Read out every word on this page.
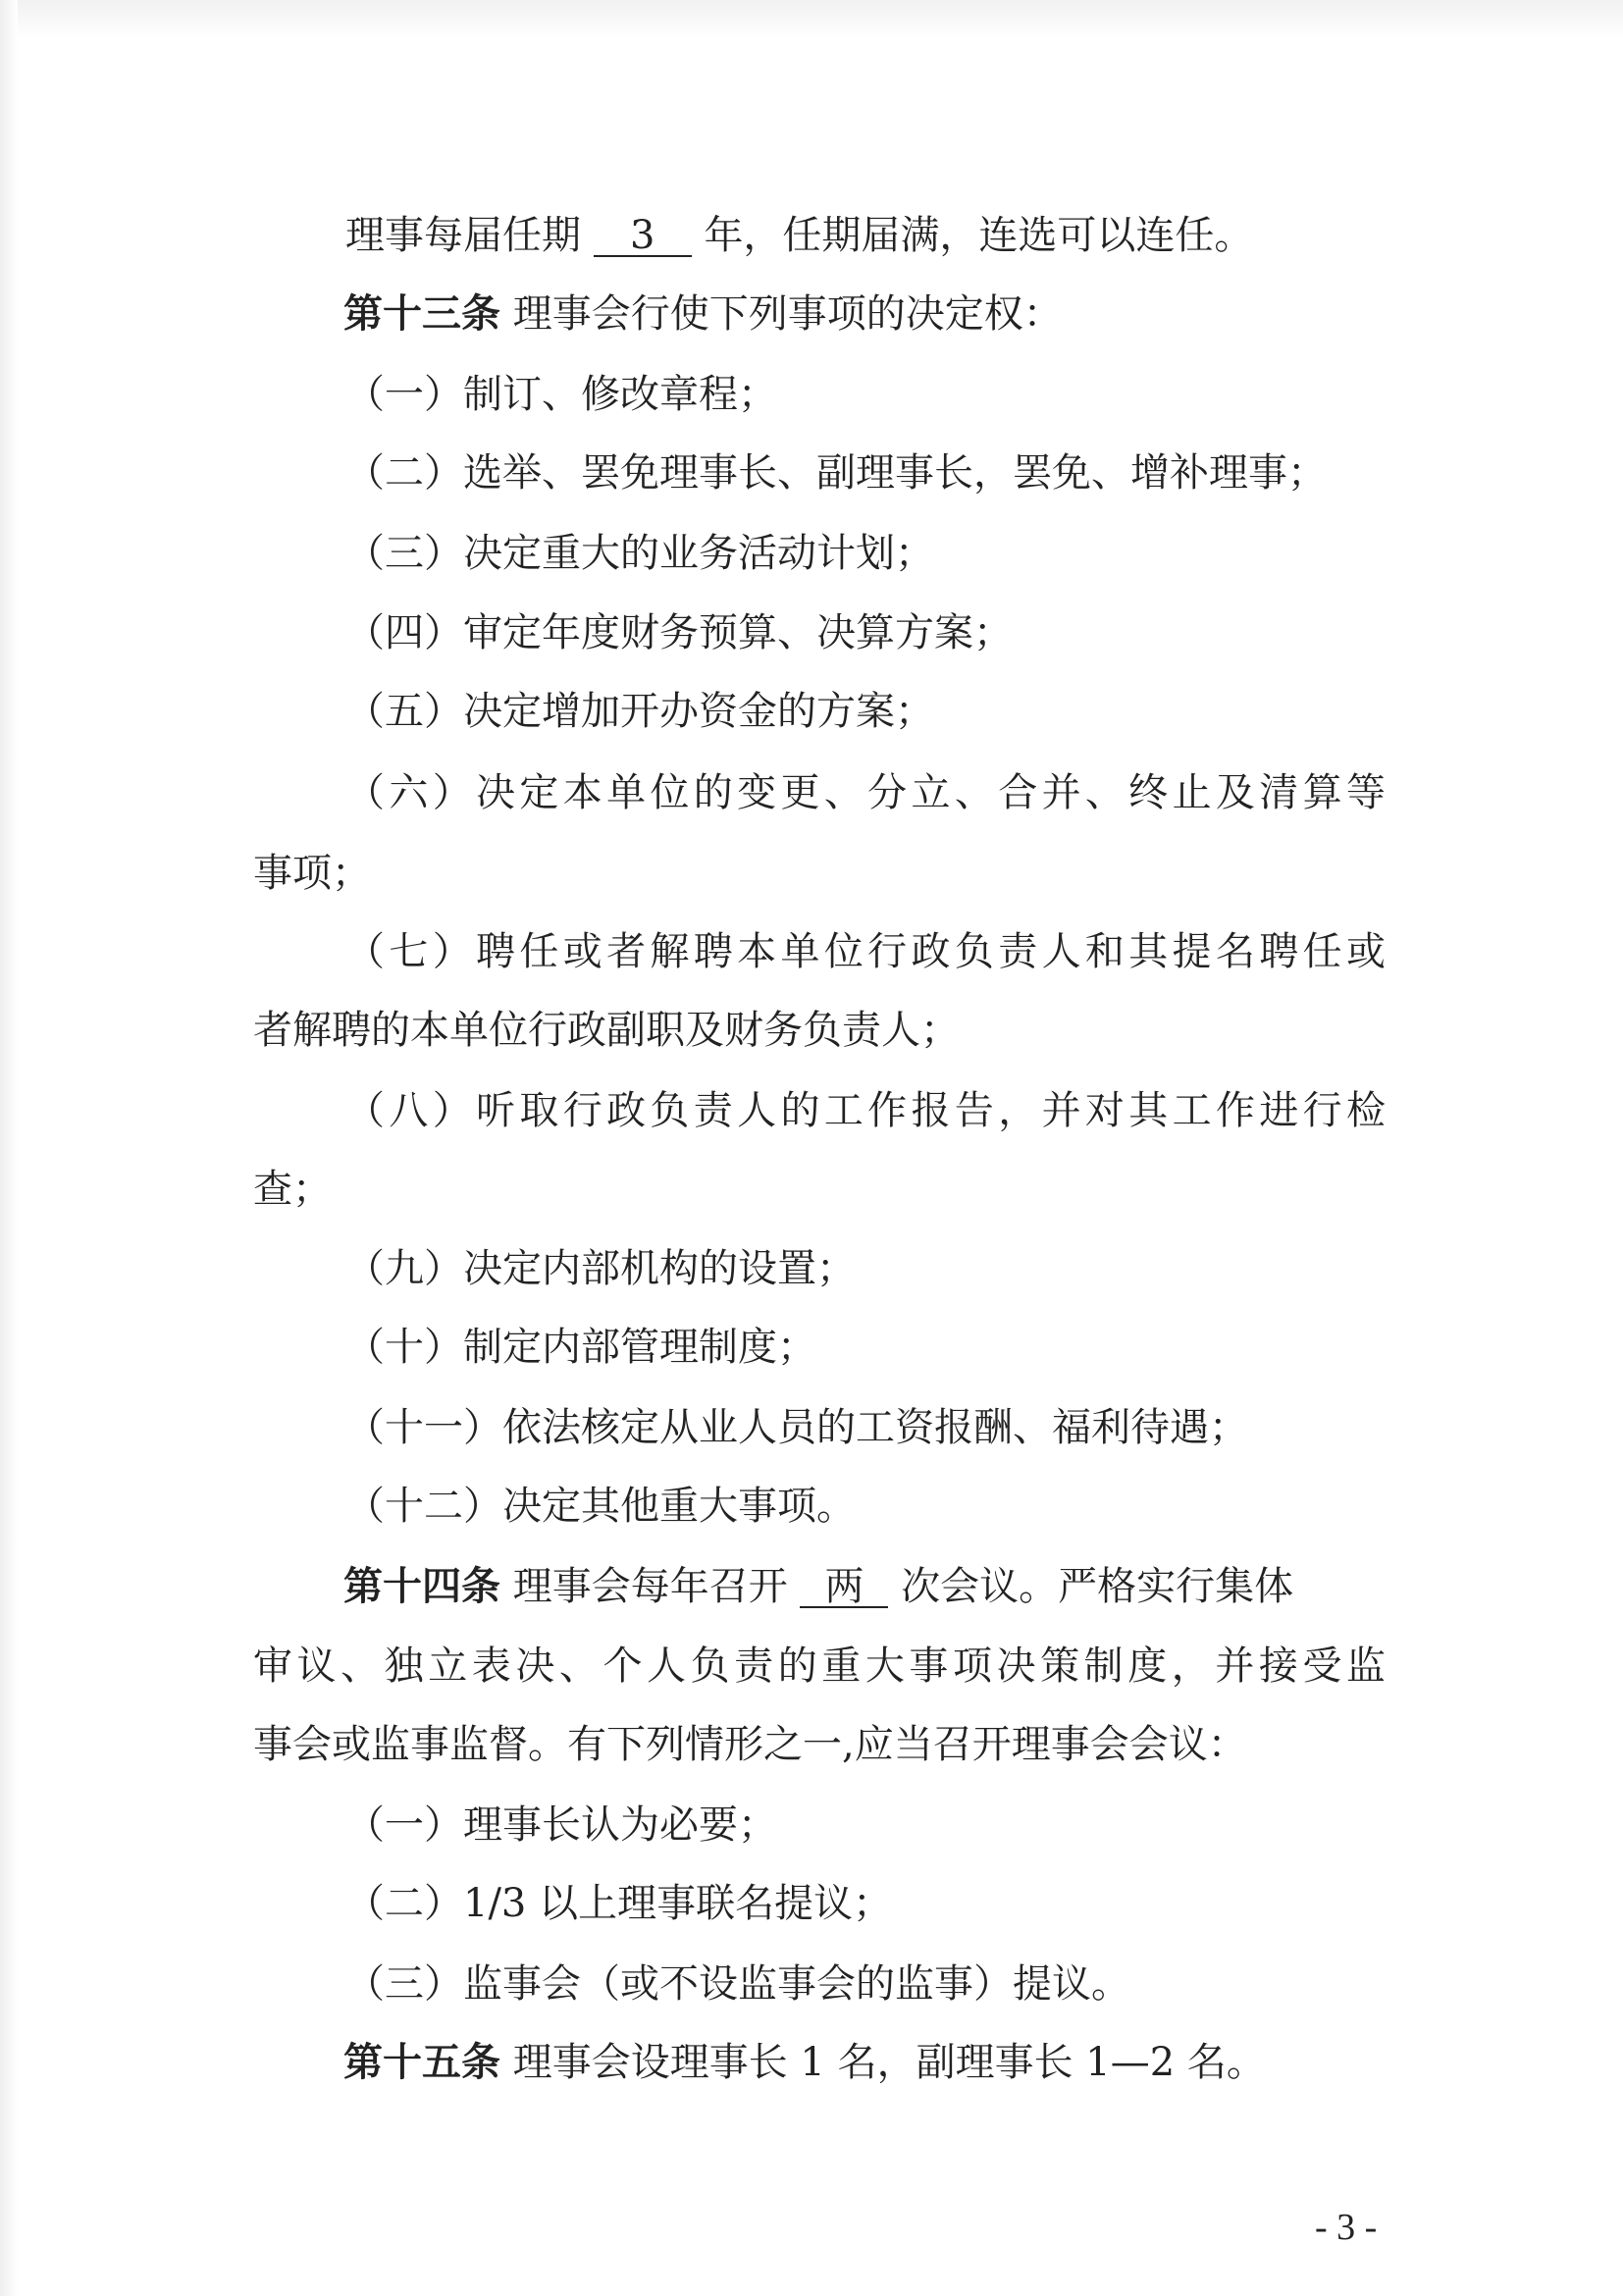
理事每届任期 3 年，任期届满，连选可以连任。
第十三条 理事会行使下列事项的决定权：
（一）制订、修改章程；
（二）选举、罢免理事长、副理事长，罢免、增补理事；
（三）决定重大的业务活动计划；
（四）审定年度财务预算、决算方案；
（五）决定增加开办资金的方案；
（六）决定本单位的变更、分立、合并、终止及清算等
事项；
（七）聘任或者解聘本单位行政负责人和其提名聘任或
者解聘的本单位行政副职及财务负责人；
（八）听取行政负责人的工作报告，并对其工作进行检
查；
（九）决定内部机构的设置；
（十）制定内部管理制度；
（十一）依法核定从业人员的工资报酬、福利待遇；
（十二）决定其他重大事项。
第十四条 理事会每年召开 两 次会议。严格实行集体
审议、独立表决、个人负责的重大事项决策制度，并接受监
事会或监事监督。有下列情形之一,应当召开理事会会议：
（一）理事长认为必要；
（二）1/3 以上理事联名提议；
（三）监事会（或不设监事会的监事）提议。
第十五条 理事会设理事长 1 名，副理事长 1—2 名。
- 3 -
